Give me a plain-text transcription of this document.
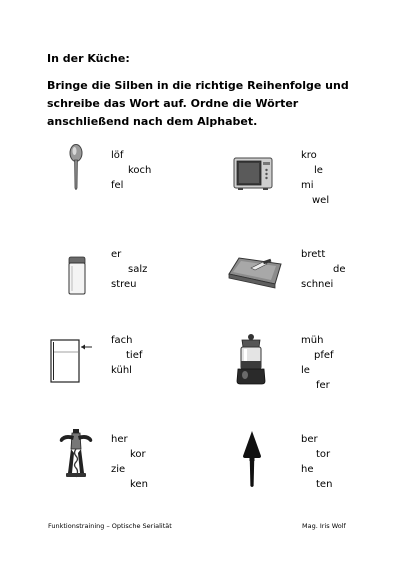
In der Küche:
Bringe die Silben in die richtige Reihenfolge und schreibe das Wort auf. Ordne die Wörter anschließend nach dem Alphabet.
löf
koch
fel
kro
le
mi
wel
er
salz
streu
brett
de
schnei
fach
tief
kühl
müh
pfef
le
fer
her
kor
zie
ken
ber
tor
he
ten
Funktionstraining – Optische Serialität	Mag. Iris Wolf
